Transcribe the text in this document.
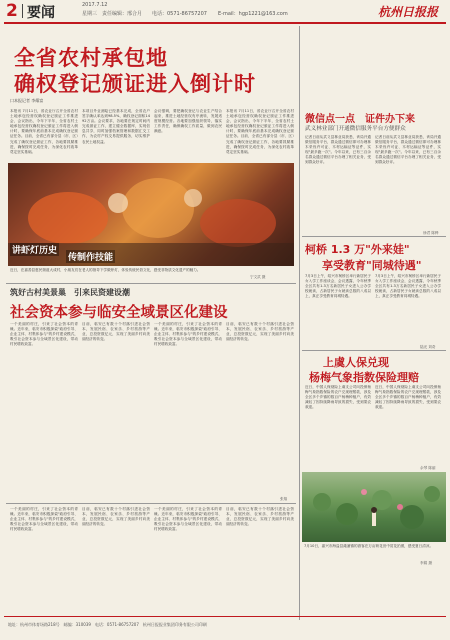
2 要闻	2017.7.12
星期三 责任编辑：邢合月 电话：0571-86757207 E-mail：hgp1221@163.com	杭州日报报
全省农村承包地
确权登记颁证进入倒计时
口本报记者 李耀富
本报讯 7月11日，省农业厅召开全省农村土地承包经营权确权登记颁证工作推进会，会议指出，今年下半年，全省农村土地承包经营权确权登记颁证工作将进入倒计时，要确保年底前基本完成确权登记颁证任务。目前，全省已有部分县（市、区）完成了确权登记颁证工作，各地要抓紧推进，确保按时完成任务，为深化农村改革奠定坚实基础。
本项目外业测绘已经基本完成，全省农户签字确认率达到98.5%，确权登记面积1492万亩。会议要求，各地要在规定时间内完成颁证工作，建立健全数据库，实现信息共享，同时加强档案管理和数据汇交工作，为农村产权交易提供服务，切实维护农民土地权益。
会议强调，要把确权登记与农业生产结合起来，推进土地经营权有序流转，发展适度规模经营。各地要加强组织领导，落实工作责任，确保确权工作质量，做到农民满意。
本报讯 7月11日，省农业厅召开全省农村土地承包经营权确权登记颁证工作推进会，会议指出，今年下半年，全省农村土地承包经营权确权登记颁证工作将进入倒计时，要确保年底前基本完成确权登记颁证任务。目前，全省已有部分县（市、区）完成了确权登记颁证工作，各地要抓紧推进，确保按时完成任务，为深化农村改革奠定坚实基础。
讲虾灯历史
传制作技能
近日，在嘉善县惠民街道大成村，小朋友们在老人的指导下学做虾灯，体验传统民俗文化，感受非物质文化遗产的魅力。
宁文武 摄
微信点一点　证件办下来
武义林业部门开通微信服务平台方便群众
记者日前从武义县林业局获悉，该局开通微信服务平台，群众通过微信即可办理林木采伐许可证、木材运输证等证件，实现"最多跑一次"。今年以来，已有三百余名群众通过微信平台办理了相关业务，受到群众好评。
记者日前从武义县林业局获悉，该局开通微信服务平台，群众通过微信即可办理林木采伐许可证、木材运输证等证件，实现"最多跑一次"。今年以来，已有三百余名群众通过微信平台办理了相关业务，受到群众好评。
徐君 陈桦
柯桥 1.3 万"外来娃"
享受教育"同城待遇"
7月3日上午，绍兴市柯桥区举行新居民子女入学工作座谈会，会议透露，今年秋季全区共有1.3万名新居民子女进入公办学校就读，占新居民子女就读总数的八成以上，真正享受教育同城待遇。
7月3日上午，绍兴市柯桥区举行新居民子女入学工作座谈会，会议透露，今年秋季全区共有1.3万名新居民子女进入公办学校就读，占新居民子女就读总数的八成以上，真正享受教育同城待遇。
陆光 刘奇
上虞人保兑现
杨梅气象指数保险理赔
近日，中国人保财险上虞支公司向投保杨梅气象指数保险的农户兑现理赔款，涉及全区多个乡镇的数百户杨梅种植户，有效减轻了因持续降雨导致的损失，受到果农欢迎。
近日，中国人保财险上虞支公司向投保杨梅气象指数保险的农户兑现理赔款，涉及全区多个乡镇的数百户杨梅种植户，有效减轻了因持续降雨导致的损失，受到果农欢迎。
余琴 陈丽
筑好古村美景巢　引来民资建设潮
社会资本参与临安全域景区化建设
一个美丽的村庄，引来了社会资本的青睐。近年来，临安市积极探索"政府引导、企业主体、村集体参与"的乡村建设模式，吸引社会资本参与全域景区化建设，带动村民增收致富。
目前，临安已有数十个村落引进社会资本，发展民宿、农家乐、乡村旅游等产业，总投资数亿元，实现了美丽乡村向美丽经济的转变。
一个美丽的村庄，引来了社会资本的青睐。近年来，临安市积极探索"政府引导、企业主体、村集体参与"的乡村建设模式，吸引社会资本参与全域景区化建设，带动村民增收致富。
目前，临安已有数十个村落引进社会资本，发展民宿、农家乐、乡村旅游等产业，总投资数亿元，实现了美丽乡村向美丽经济的转变。
张翔
一个美丽的村庄，引来了社会资本的青睐。近年来，临安市积极探索"政府引导、企业主体、村集体参与"的乡村建设模式，吸引社会资本参与全域景区化建设，带动村民增收致富。
目前，临安已有数十个村落引进社会资本，发展民宿、农家乐、乡村旅游等产业，总投资数亿元，实现了美丽乡村向美丽经济的转变。
一个美丽的村庄，引来了社会资本的青睐。近年来，临安市积极探索"政府引导、企业主体、村集体参与"的乡村建设模式，吸引社会资本参与全域景区化建设，带动村民增收致富。
目前，临安已有数十个村落引进社会资本，发展民宿、农家乐、乡村旅游等产业，总投资数亿元，实现了美丽乡村向美丽经济的转变。
7月10日，嘉兴市海盐县澉浦镇的游客在万亩荷花田中赏花拍照，感受夏日清凉。
李娟 摄
地址：杭州市体育场路218号　邮编：310039　电话：0571-86757207　杭州日报报业集团印务有限公司印刷
